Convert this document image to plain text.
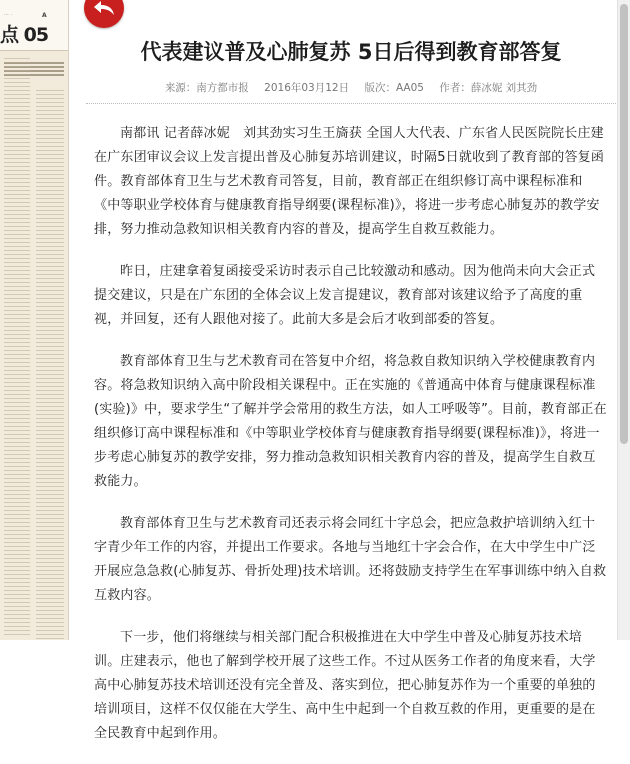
··· ·	A
点 05
代表建议普及心肺复苏 5日后得到教育部答复
来源：南方都市报 2016年03月12日 版次：AA05 作者：薛冰妮 刘其劲

南都讯 记者薛冰妮　刘其劲实习生王旖获 全国人大代表、广东省人民医院院长庄建在广东团审议会议上发言提出普及心肺复苏培训建议，时隔5日就收到了教育部的答复函件。教育部体育卫生与艺术教育司答复，目前，教育部正在组织修订高中课程标准和《中等职业学校体育与健康教育指导纲要(课程标准)》，将进一步考虑心肺复苏的教学安排，努力推动急救知识相关教育内容的普及，提高学生自救互救能力。

昨日，庄建拿着复函接受采访时表示自己比较激动和感动。因为他尚未向大会正式提交建议，只是在广东团的全体会议上发言提建议，教育部对该建议给予了高度的重视，并回复，还有人跟他对接了。此前大多是会后才收到部委的答复。

教育部体育卫生与艺术教育司在答复中介绍，将急救自救知识纳入学校健康教育内容。将急救知识纳入高中阶段相关课程中。正在实施的《普通高中体育与健康课程标准(实验)》中，要求学生“了解并学会常用的救生方法，如人工呼吸等”。目前，教育部正在组织修订高中课程标准和《中等职业学校体育与健康教育指导纲要(课程标准)》，将进一步考虑心肺复苏的教学安排，努力推动急救知识相关教育内容的普及，提高学生自救互救能力。

教育部体育卫生与艺术教育司还表示将会同红十字总会，把应急救护培训纳入红十字青少年工作的内容，并提出工作要求。各地与当地红十字会合作，在大中学生中广泛开展应急急救(心肺复苏、骨折处理)技术培训。还将鼓励支持学生在军事训练中纳入自救互救内容。

下一步，他们将继续与相关部门配合积极推进在大中学生中普及心肺复苏技术培训。庄建表示，他也了解到学校开展了这些工作。不过从医务工作者的角度来看，大学高中心肺复苏技术培训还没有完全普及、落实到位，把心肺复苏作为一个重要的单独的培训项目，这样不仅仅能在大学生、高中生中起到一个自救互救的作用，更重要的是在全民教育中起到作用。
